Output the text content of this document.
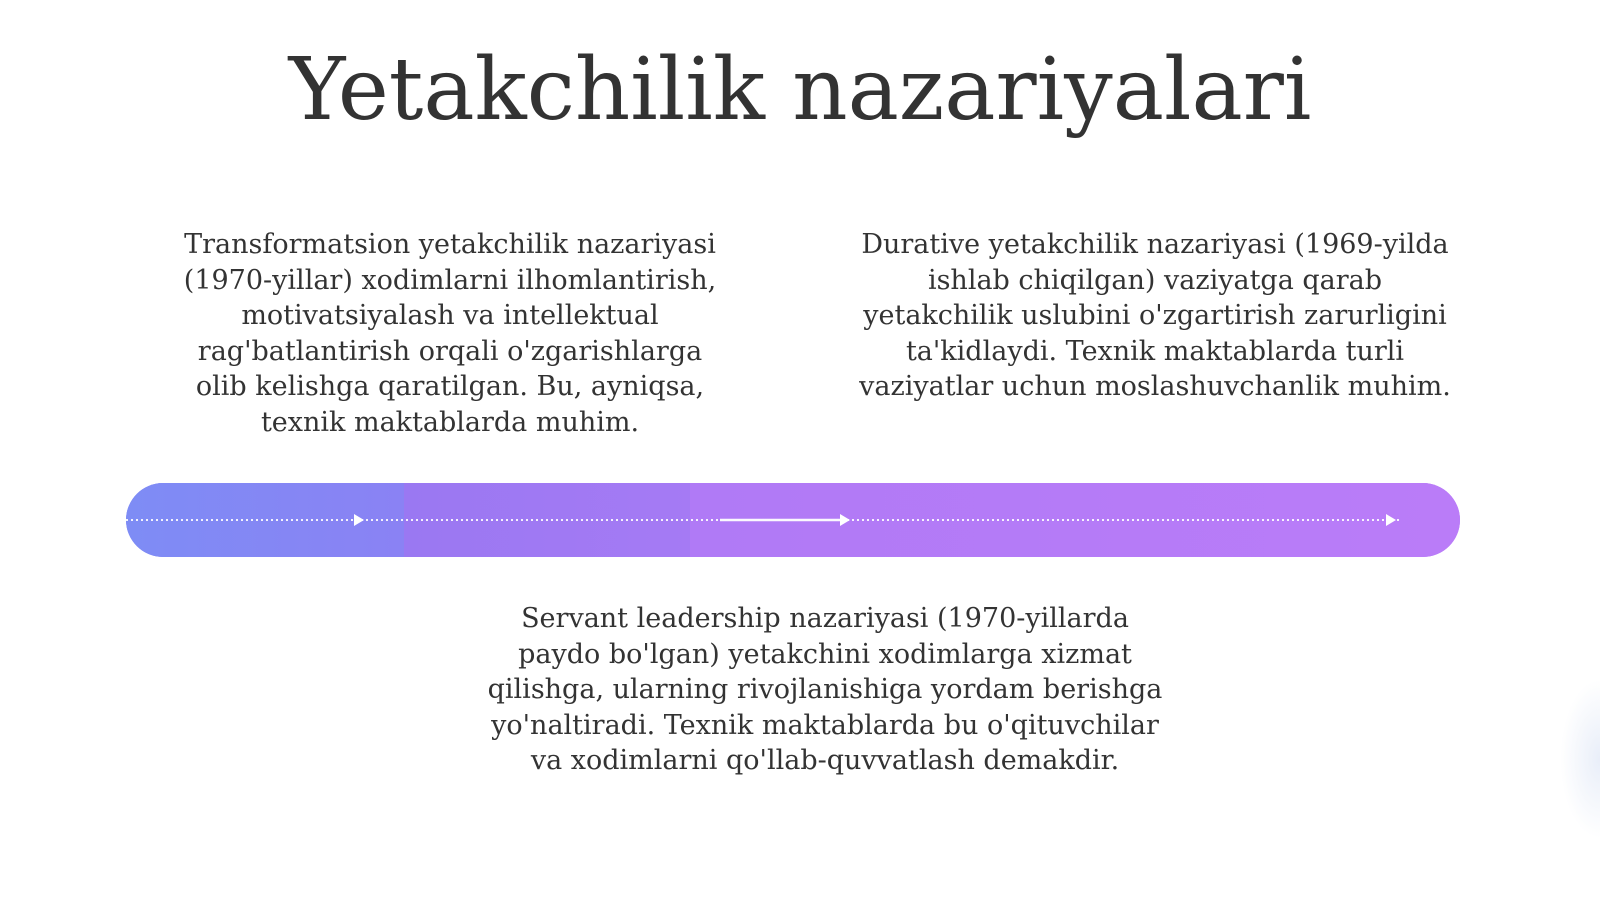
Yetakchilik nazariyalari
Transformatsion yetakchilik nazariyasi
(1970-yillar) xodimlarni ilhomlantirish,
motivatsiyalash va intellektual
rag'batlantirish orqali o'zgarishlarga
olib kelishga qaratilgan. Bu, ayniqsa,
texnik maktablarda muhim.
Durative yetakchilik nazariyasi (1969-yilda
ishlab chiqilgan) vaziyatga qarab
yetakchilik uslubini o'zgartirish zarurligini
ta'kidlaydi. Texnik maktablarda turli
vaziyatlar uchun moslashuvchanlik muhim.
Servant leadership nazariyasi (1970-yillarda
paydo bo'lgan) yetakchini xodimlarga xizmat
qilishga, ularning rivojlanishiga yordam berishga
yo'naltiradi. Texnik maktablarda bu o'qituvchilar
va xodimlarni qo'llab-quvvatlash demakdir.
